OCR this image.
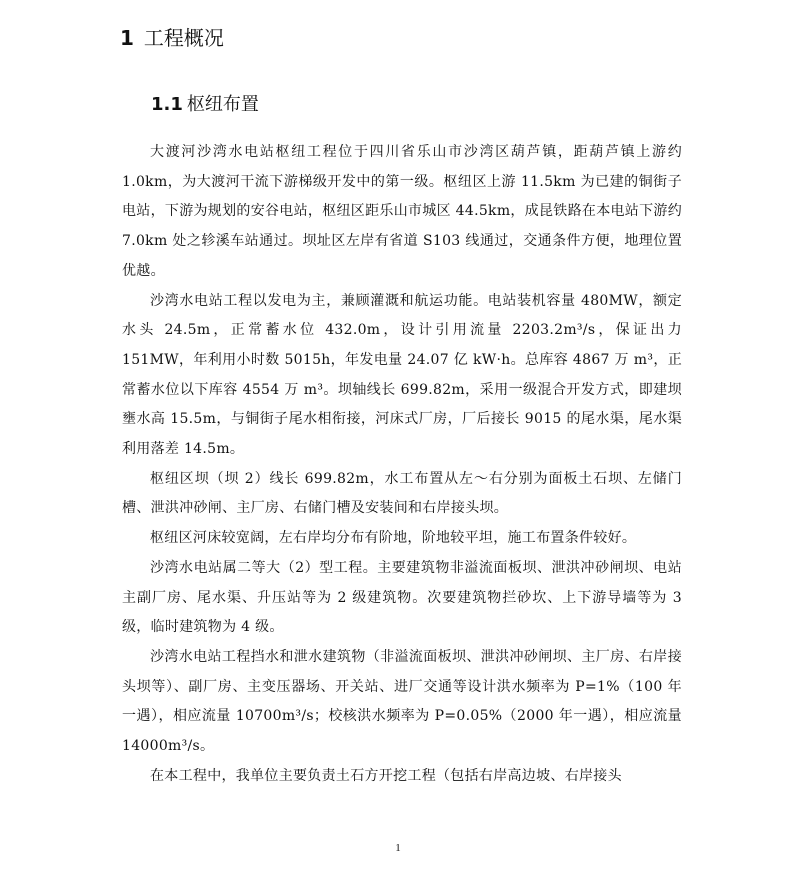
1 工程概况
1.1 枢纽布置

大渡河沙湾水电站枢纽工程位于四川省乐山市沙湾区葫芦镇，距葫芦镇上游约 1.0km，为大渡河干流下游梯级开发中的第一级。枢纽区上游 11.5km 为已建的铜街子电站，下游为规划的安谷电站，枢纽区距乐山市城区 44.5km，成昆铁路在本电站下游约 7.0km 处之轸溪车站通过。坝址区左岸有省道 S103 线通过，交通条件方便，地理位置优越。

沙湾水电站工程以发电为主，兼顾灌溉和航运功能。电站装机容量 480MW，额定水头 24.5m，正常蓄水位 432.0m，设计引用流量 2203.2m³/s，保证出力 151MW，年利用小时数 5015h，年发电量 24.07 亿 kW·h。总库容 4867 万 m³，正常蓄水位以下库容 4554 万 m³。坝轴线长 699.82m，采用一级混合开发方式，即建坝壅水高 15.5m，与铜街子尾水相衔接，河床式厂房，厂后接长 9015 的尾水渠，尾水渠利用落差 14.5m。

枢纽区坝（坝 2）线长 699.82m，水工布置从左～右分别为面板土石坝、左储门槽、泄洪冲砂闸、主厂房、右储门槽及安装间和右岸接头坝。

枢纽区河床较宽阔，左右岸均分布有阶地，阶地较平坦，施工布置条件较好。

沙湾水电站属二等大（2）型工程。主要建筑物非溢流面板坝、泄洪冲砂闸坝、电站主副厂房、尾水渠、升压站等为 2 级建筑物。次要建筑物拦砂坎、上下游导墙等为 3 级，临时建筑物为 4 级。

沙湾水电站工程挡水和泄水建筑物（非溢流面板坝、泄洪冲砂闸坝、主厂房、右岸接头坝等）、副厂房、主变压器场、开关站、进厂交通等设计洪水频率为 P=1%（100 年一遇），相应流量 10700m³/s；校核洪水频率为 P=0.05%（2000 年一遇），相应流量 14000m³/s。

在本工程中，我单位主要负责土石方开挖工程（包括右岸高边坡、右岸接头

1
